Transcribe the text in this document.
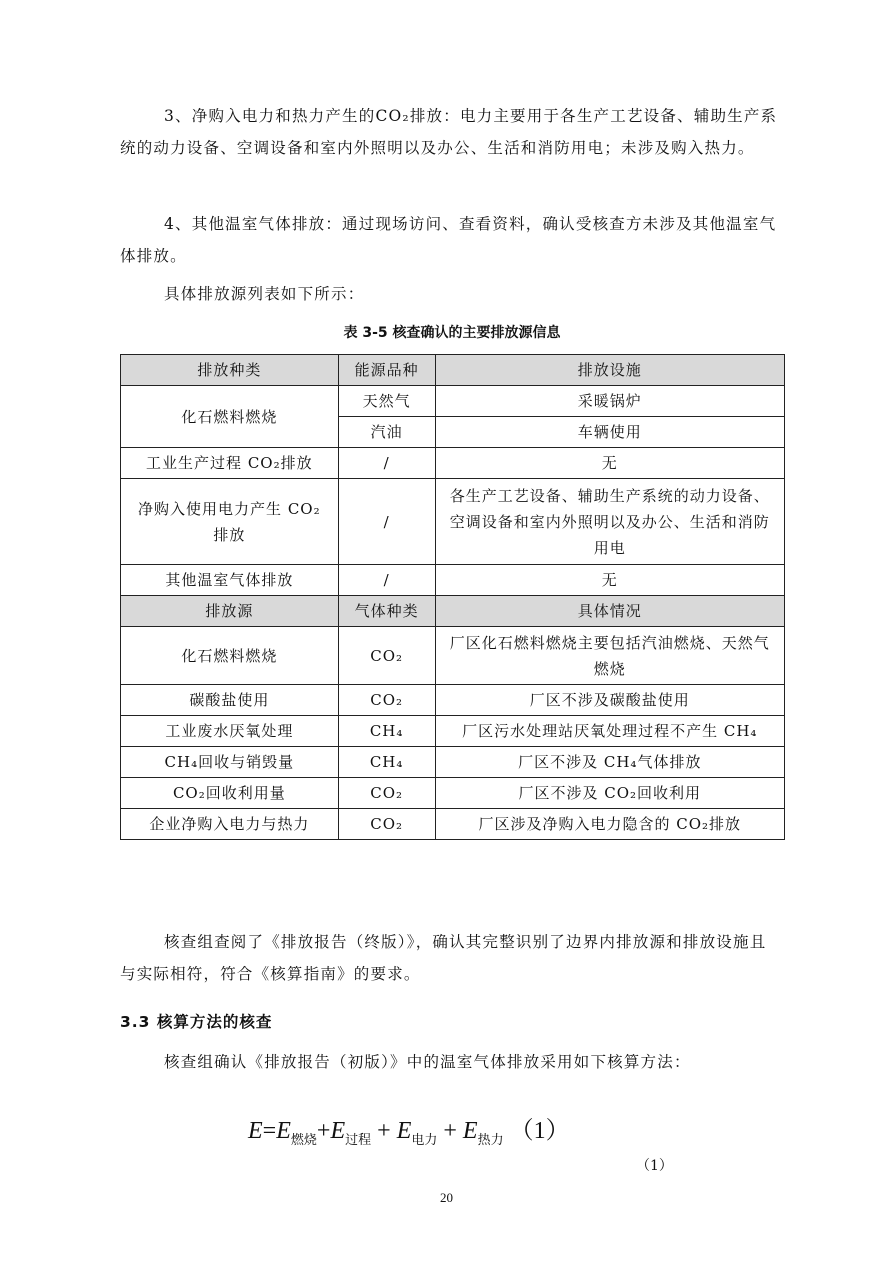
3、净购入电力和热力产生的CO₂排放：电力主要用于各生产工艺设备、辅助生产系统的动力设备、空调设备和室内外照明以及办公、生活和消防用电；未涉及购入热力。

4、其他温室气体排放：通过现场访问、查看资料，确认受核查方未涉及其他温室气体排放。

具体排放源列表如下所示：

表 3-5 核查确认的主要排放源信息

排放种类	能源品种	排放设施
化石燃料燃烧	天然气	采暖锅炉
	汽油	车辆使用
工业生产过程 CO₂排放	/	无
净购入使用电力产生 CO₂ 排放	/	各生产工艺设备、辅助生产系统的动力设备、空调设备和室内外照明以及办公、生活和消防用电
其他温室气体排放	/	无
排放源	气体种类	具体情况
化石燃料燃烧	CO₂	厂区化石燃料燃烧主要包括汽油燃烧、天然气燃烧
碳酸盐使用	CO₂	厂区不涉及碳酸盐使用
工业废水厌氧处理	CH₄	厂区污水处理站厌氧处理过程不产生 CH₄
CH₄回收与销毁量	CH₄	厂区不涉及 CH₄气体排放
CO₂回收利用量	CO₂	厂区不涉及 CO₂回收利用
企业净购入电力与热力	CO₂	厂区涉及净购入电力隐含的 CO₂排放

核查组查阅了《排放报告（终版）》，确认其完整识别了边界内排放源和排放设施且与实际相符，符合《核算指南》的要求。

3.3 核算方法的核查

核查组确认《排放报告（初版）》中的温室气体排放采用如下核算方法：

$E=E_{燃烧}+E_{过程} + E_{电力} + E_{热力}$ （1）
（1）
20
